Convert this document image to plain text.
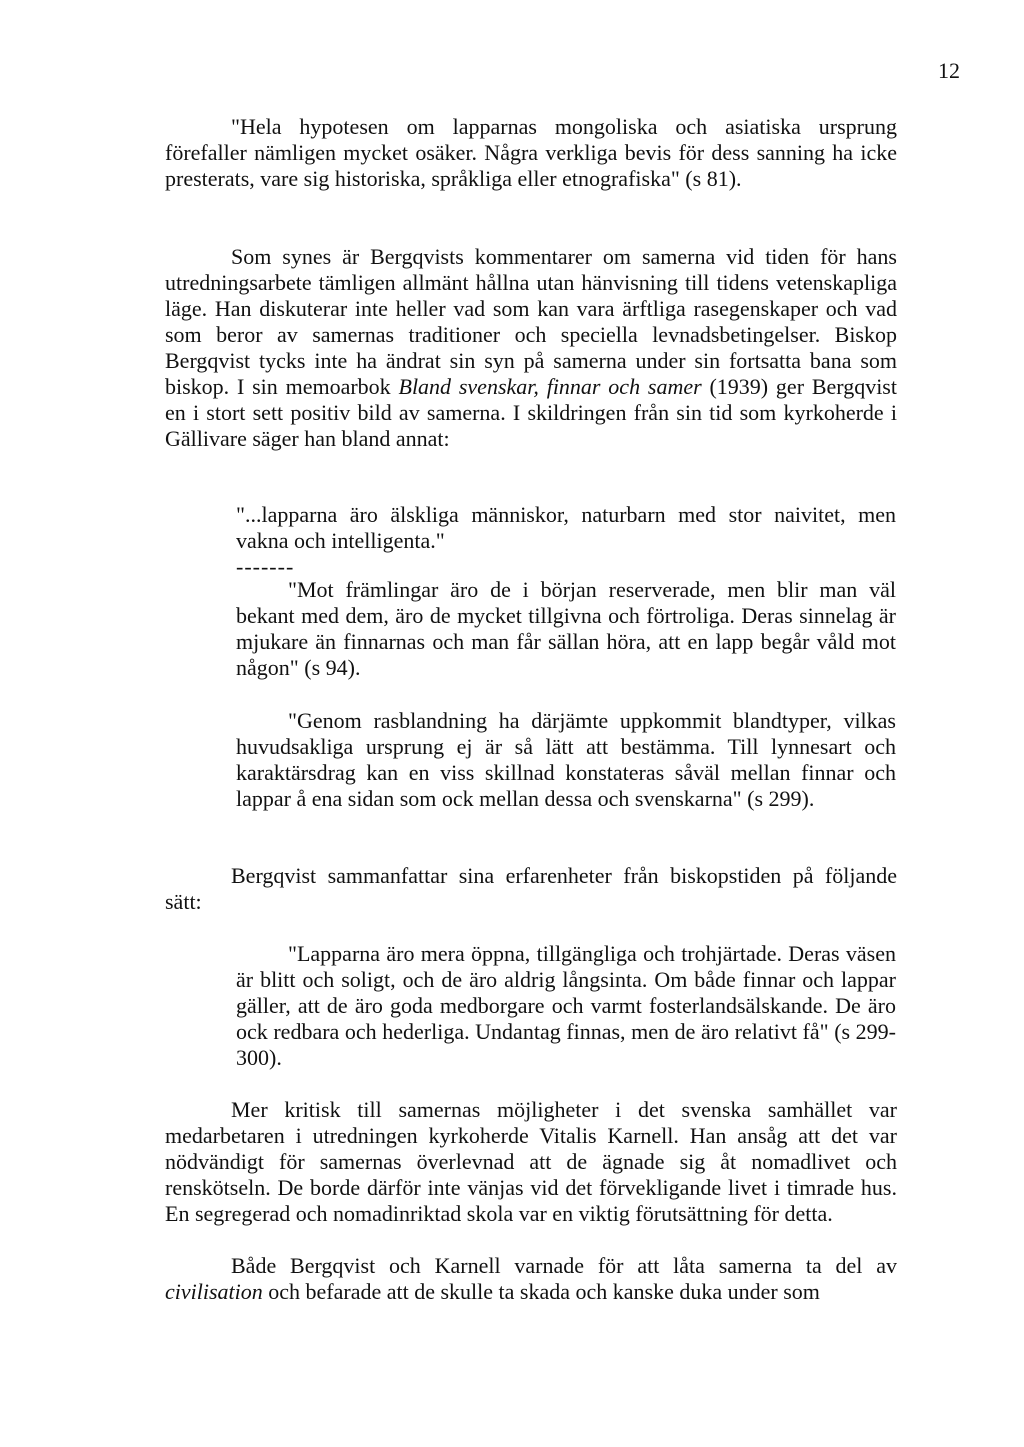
12

"Hela hypotesen om lapparnas mongoliska och asiatiska ursprung förefaller nämligen mycket osäker. Några verkliga bevis för dess sanning ha icke presterats, vare sig historiska, språkliga eller etnografiska" (s 81).

Som synes är Bergqvists kommentarer om samerna vid tiden för hans utredningsarbete tämligen allmänt hållna utan hänvisning till tidens vetenskapliga läge. Han diskuterar inte heller vad som kan vara ärftliga rasegenskaper och vad som beror av samernas traditioner och speciella levnadsbetingelser. Biskop Bergqvist tycks inte ha ändrat sin syn på samerna under sin fortsatta bana som biskop. I sin memoarbok Bland svenskar, finnar och samer (1939) ger Bergqvist en i stort sett positiv bild av samerna. I skildringen från sin tid som kyrkoherde i Gällivare säger han bland annat:

"...lapparna äro älskliga människor, naturbarn med stor naivitet, men vakna och intelligenta."

-------

"Mot främlingar äro de i början reserverade, men blir man väl bekant med dem, äro de mycket tillgivna och förtroliga. Deras sinnelag är mjukare än finnarnas och man får sällan höra, att en lapp begår våld mot någon" (s 94).

"Genom rasblandning ha därjämte uppkommit blandtyper, vilkas huvudsakliga ursprung ej är så lätt att bestämma. Till lynnesart och karaktärsdrag kan en viss skillnad konstateras såväl mellan finnar och lappar å ena sidan som ock mellan dessa och svenskarna" (s 299).

Bergqvist sammanfattar sina erfarenheter från biskopstiden på följande sätt:

"Lapparna äro mera öppna, tillgängliga och trohjärtade. Deras väsen är blitt och soligt, och de äro aldrig långsinta. Om både finnar och lappar gäller, att de äro goda medborgare och varmt fosterlandsälskande. De äro ock redbara och hederliga. Undantag finnas, men de äro relativt få" (s 299-300).

Mer kritisk till samernas möjligheter i det svenska samhället var medarbetaren i utredningen kyrkoherde Vitalis Karnell. Han ansåg att det var nödvändigt för samernas överlevnad att de ägnade sig åt nomadlivet och renskötseln. De borde därför inte vänjas vid det förvekligande livet i timrade hus. En segregerad och nomadinriktad skola var en viktig förutsättning för detta.

Både Bergqvist och Karnell varnade för att låta samerna ta del av civilisation och befarade att de skulle ta skada och kanske duka under som
